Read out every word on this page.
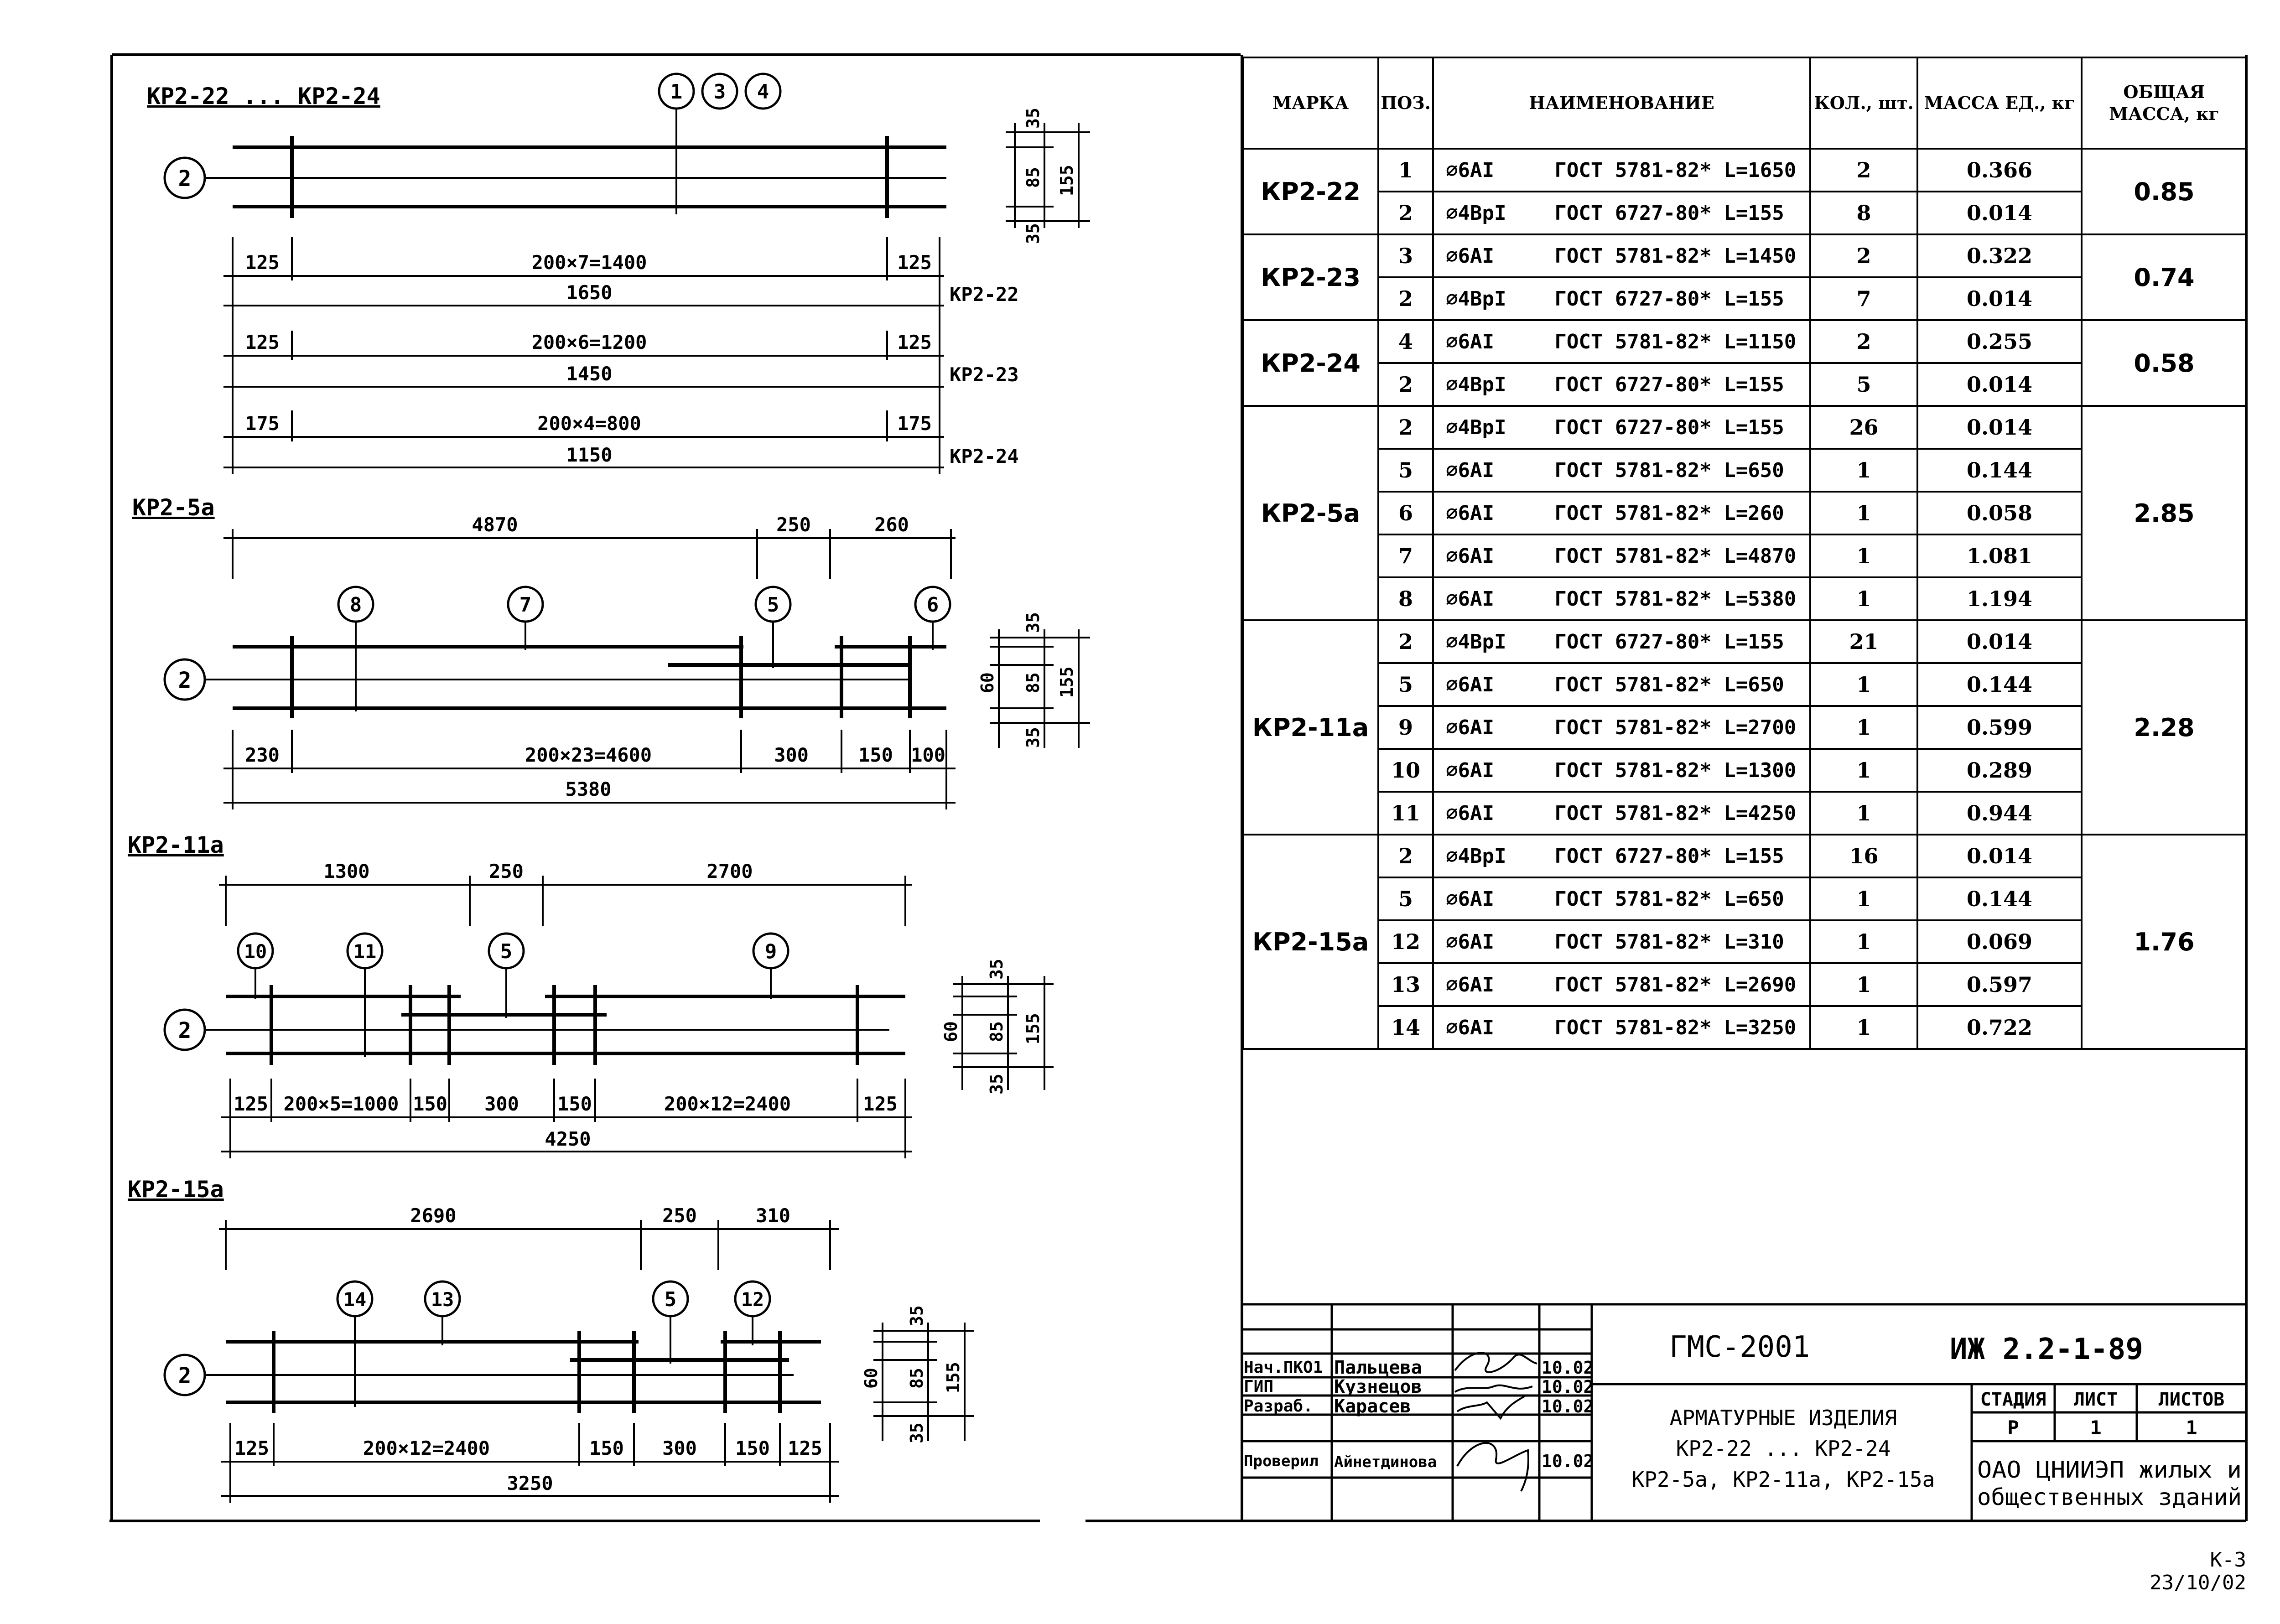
КР2-22 ... КР2-24	1 3 4
2
125	200×7=1400	125
1650	КР2-22
125	200×6=1200	125
1450	КР2-23
175	200×4=800	175
1150	КР2-24
35
85 155
35
КР2-5а
4870	250	260
8	7	5	6
2
230	200×23=4600	300	150 100
5380
35
60 85 155
35
КР2-11а
1300	250	2700
10	11	5	9
2
125 200×5=1000 150 300 150	200×12=2400	125
4250
35
60 85 155
35
КР2-15а
2690	250	310
14	13	5	12
2
125	200×12=2400	150 300 150 125
3250
35
60 85 155
35
ГМС-2001	ИЖ 2.2-1-89
Нач.ПКО1 Пальцева	10.02
ГИП	Кузнецов	10.02
Разраб. Карасев	10.02
Проверил Айнетдинова	10.02
АРМАТУРНЫЕ ИЗДЕЛИЯ
КР2-22 ... КР2-24
КР2-5а, КР2-11а, КР2-15а
СТАДИЯ ЛИСТ ЛИСТОВ
Р	1	1
ОАО ЦНИИЭП жилых и
общественных зданий
К-3
23/10/02
МАРКА	ПОЗ.	НАИМЕНОВАНИЕ	КОЛ., шт.	МАССА ЕД., кг	ОБЩАЯ МАССА, кг
КР2-22	1	⌀6AI     ГОСТ 5781-82* L=1650	2	0.366	0.85
	2	⌀4BpI    ГОСТ 6727-80* L=155	8	0.014	
КР2-23	3	⌀6AI     ГОСТ 5781-82* L=1450	2	0.322	0.74
	2	⌀4BpI    ГОСТ 6727-80* L=155	7	0.014	
КР2-24	4	⌀6AI     ГОСТ 5781-82* L=1150	2	0.255	0.58
	2	⌀4BpI    ГОСТ 6727-80* L=155	5	0.014	
КР2-5а	2	⌀4BpI    ГОСТ 6727-80* L=155	26	0.014	2.85
	5	⌀6AI     ГОСТ 5781-82* L=650	1	0.144	
	6	⌀6AI     ГОСТ 5781-82* L=260	1	0.058	
	7	⌀6AI     ГОСТ 5781-82* L=4870	1	1.081	
	8	⌀6AI     ГОСТ 5781-82* L=5380	1	1.194	
КР2-11а	2	⌀4BpI    ГОСТ 6727-80* L=155	21	0.014	2.28
	5	⌀6AI     ГОСТ 5781-82* L=650	1	0.144	
	9	⌀6AI     ГОСТ 5781-82* L=2700	1	0.599	
	10	⌀6AI     ГОСТ 5781-82* L=1300	1	0.289	
	11	⌀6AI     ГОСТ 5781-82* L=4250	1	0.944	
КР2-15а	2	⌀4BpI    ГОСТ 6727-80* L=155	16	0.014	1.76
	5	⌀6AI     ГОСТ 5781-82* L=650	1	0.144	
	12	⌀6AI     ГОСТ 5781-82* L=310	1	0.069	
	13	⌀6AI     ГОСТ 5781-82* L=2690	1	0.597	
	14	⌀6AI     ГОСТ 5781-82* L=3250	1	0.722	
